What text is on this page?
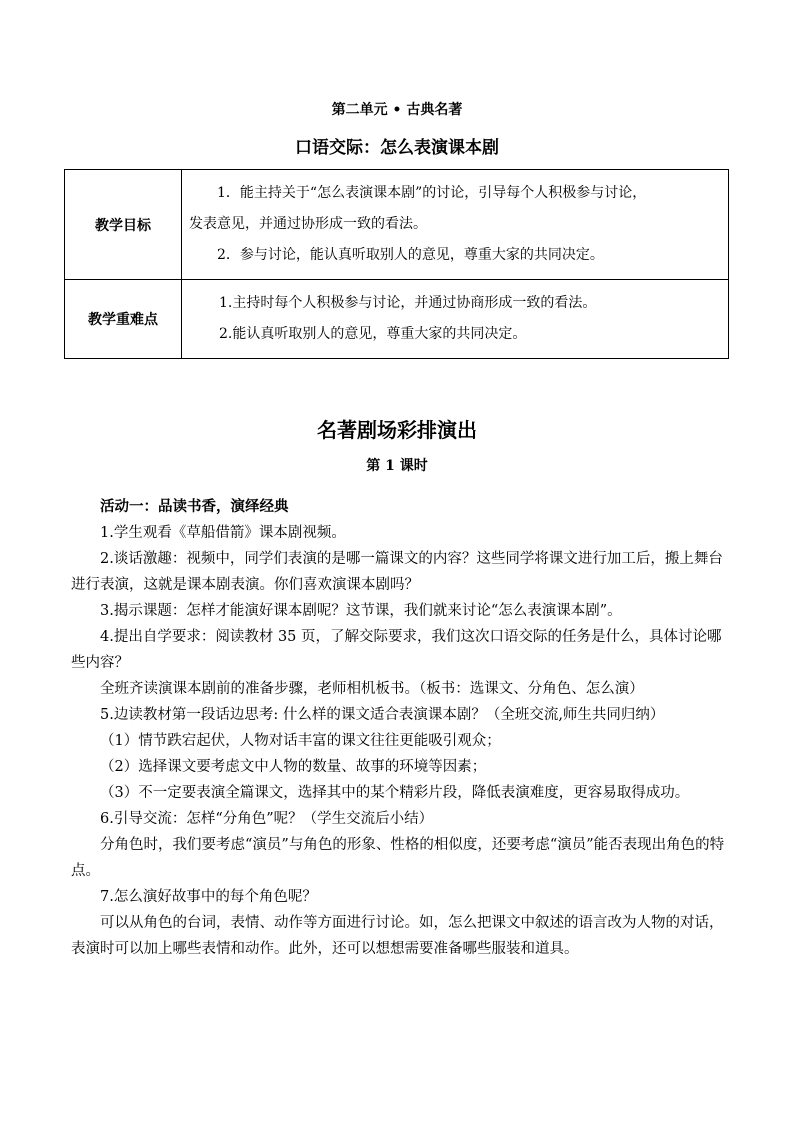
第二单元 • 古典名著
口语交际：怎么表演课本剧
教学目标	1．能主持关于“怎么表演课本剧”的讨论，引导每个人积极参与讨论，
发表意见，并通过协形成一致的看法。
2．参与讨论，能认真听取别人的意见，尊重大家的共同决定。

教学重难点	1.主持时每个人积极参与讨论，并通过协商形成一致的看法。
2.能认真听取别人的意见，尊重大家的共同决定。
名著剧场彩排演出
第 1 课时

活动一：品读书香，演绎经典

1.学生观看《草船借箭》课本剧视频。

2.谈话激趣：视频中，同学们表演的是哪一篇课文的内容？这些同学将课文进行加工后，搬上舞台进行表演，这就是课本剧表演。你们喜欢演课本剧吗？

3.揭示课题：怎样才能演好课本剧呢？这节课，我们就来讨论“怎么表演课本剧”。

4.提出自学要求：阅读教材 35 页，了解交际要求，我们这次口语交际的任务是什么，具体讨论哪些内容？

全班齐读演课本剧前的准备步骤，老师相机板书。（板书：选课文、分角色、怎么演）

5.边读教材第一段话边思考: 什么样的课文适合表演课本剧？（全班交流,师生共同归纳）

（1）情节跌宕起伏，人物对话丰富的课文往往更能吸引观众；

（2）选择课文要考虑文中人物的数量、故事的环境等因素；

（3）不一定要表演全篇课文，选择其中的某个精彩片段，降低表演难度，更容易取得成功。

6.引导交流：怎样“分角色”呢？（学生交流后小结）

分角色时，我们要考虑“演员”与角色的形象、性格的相似度，还要考虑“演员”能否表现出角色的特点。

7.怎么演好故事中的每个角色呢？

可以从角色的台词，表情、动作等方面进行讨论。如，怎么把课文中叙述的语言改为人物的对话，表演时可以加上哪些表情和动作。此外，还可以想想需要准备哪些服装和道具。
